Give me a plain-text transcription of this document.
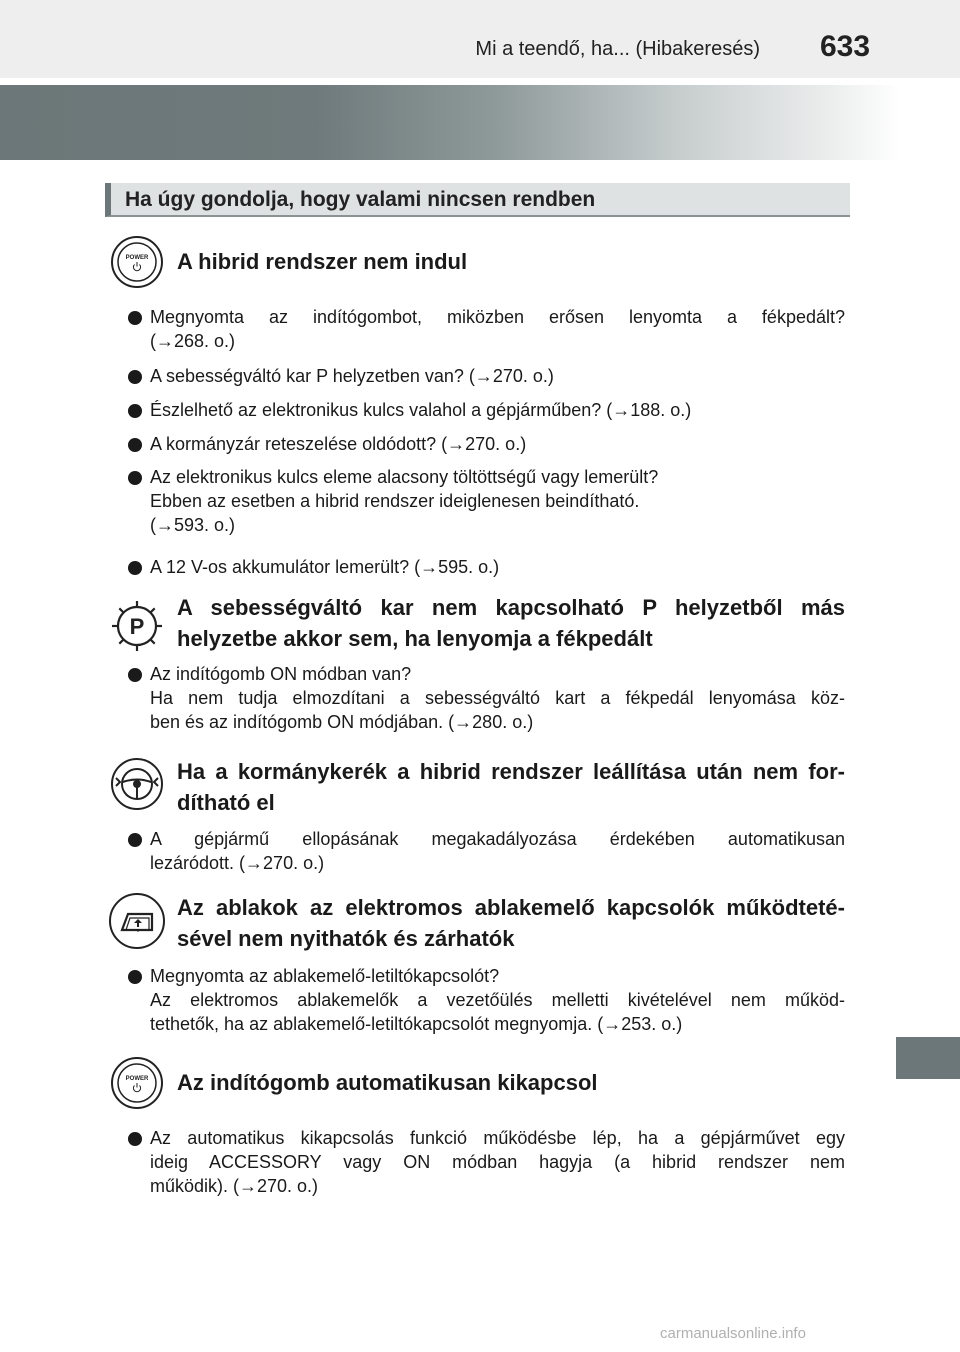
Mi a teendő, ha... (Hibakeresés)	633
Ha úgy gondolja, hogy valami nincsen rendben
POWER A hibrid rendszer nem indul
Megnyomta az indítógombot, miközben erősen lenyomta a fékpedált?
(→268. o.)
A sebességváltó kar P helyzetben van? (→270. o.)
Észlelhető az elektronikus kulcs valahol a gépjárműben? (→188. o.)
A kormányzár reteszelése oldódott? (→270. o.)
Az elektronikus kulcs eleme alacsony töltöttségű vagy lemerült?
Ebben az esetben a hibrid rendszer ideiglenesen beindítható.
(→593. o.)
A 12 V-os akkumulátor lemerült? (→595. o.)
P
A sebességváltó kar nem kapcsolható P helyzetből más
helyzetbe akkor sem, ha lenyomja a fékpedált
Az indítógomb ON módban van?
Ha nem tudja elmozdítani a sebességváltó kart a fékpedál lenyomása köz-
ben és az indítógomb ON módjában. (→280. o.)
Ha a kormánykerék a hibrid rendszer leállítása után nem for-
dítható el
A gépjármű ellopásának megakadályozása érdekében automatikusan
lezáródott. (→270. o.)
Az ablakok az elektromos ablakemelő kapcsolók működteté-
sével nem nyithatók és zárhatók
Megnyomta az ablakemelő-letiltókapcsolót?
Az elektromos ablakemelők a vezetőülés melletti kivételével nem működ-
tethetők, ha az ablakemelő-letiltókapcsolót megnyomja. (→253. o.)
POWER Az indítógomb automatikusan kikapcsol
Az automatikus kikapcsolás funkció működésbe lép, ha a gépjárművet egy
ideig ACCESSORY vagy ON módban hagyja (a hibrid rendszer nem
működik). (→270. o.)
carmanualsonline.info
